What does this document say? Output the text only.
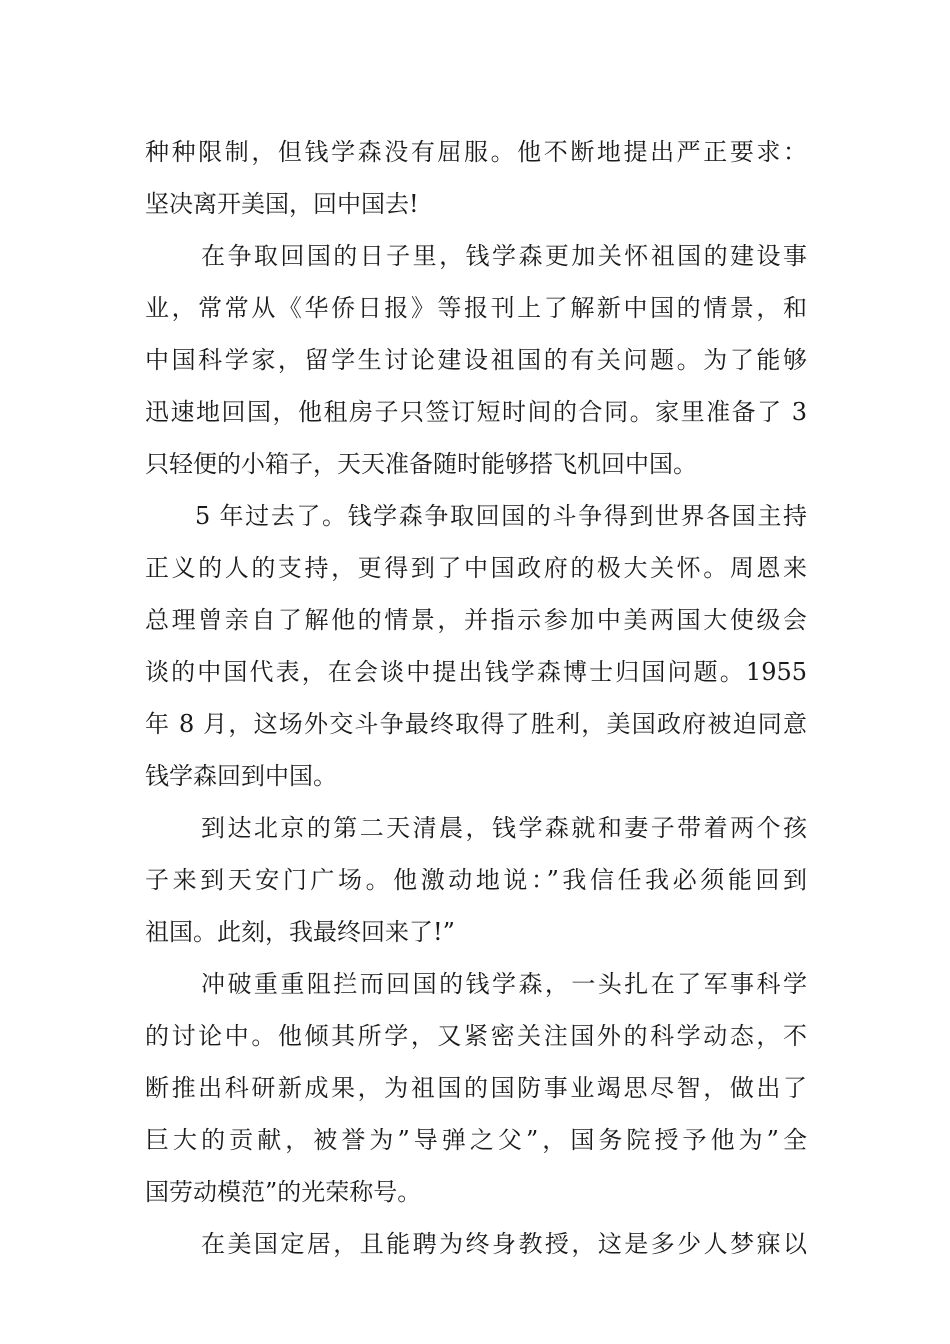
种种限制，但钱学森没有屈服。他不断地提出严正要求：
坚决离开美国，回中国去!
在争取回国的日子里，钱学森更加关怀祖国的建设事
业，常常从《华侨日报》等报刊上了解新中国的情景，和
中国科学家，留学生讨论建设祖国的有关问题。为了能够
迅速地回国，他租房子只签订短时间的合同。家里准备了 3
只轻便的小箱子，天天准备随时能够搭飞机回中国。
5 年过去了。钱学森争取回国的斗争得到世界各国主持
正义的人的支持，更得到了中国政府的极大关怀。周恩来
总理曾亲自了解他的情景，并指示参加中美两国大使级会
谈的中国代表，在会谈中提出钱学森博士归国问题。1955
年 8 月，这场外交斗争最终取得了胜利，美国政府被迫同意
钱学森回到中国。
到达北京的第二天清晨，钱学森就和妻子带着两个孩
子来到天安门广场。他激动地说：”我信任我必须能回到
祖国。此刻，我最终回来了!”
冲破重重阻拦而回国的钱学森，一头扎在了军事科学
的讨论中。他倾其所学，又紧密关注国外的科学动态，不
断推出科研新成果，为祖国的国防事业竭思尽智，做出了
巨大的贡献，被誉为”导弹之父”，国务院授予他为”全
国劳动模范”的光荣称号。
在美国定居，且能聘为终身教授，这是多少人梦寐以
